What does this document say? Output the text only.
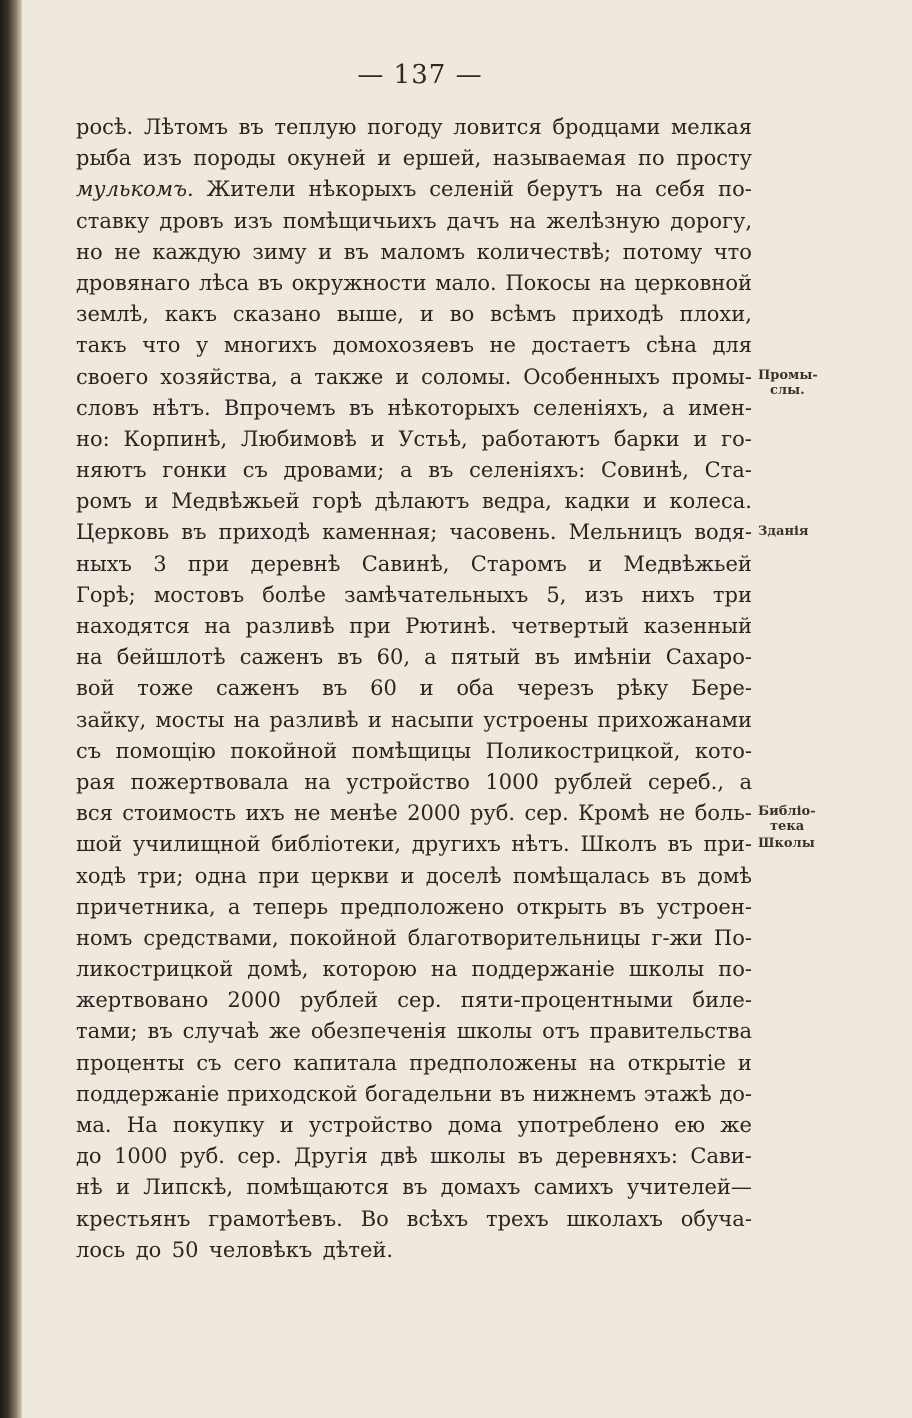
— 137 —
росѣ. Лѣтомъ въ теплую погоду ловится бродцами мелкая
рыба изъ породы окуней и ершей, называемая по просту
мулькомъ. Жители нѣкорыхъ селеній берутъ на себя по-
ставку дровъ изъ помѣщичьихъ дачъ на желѣзную дорогу,
но не каждую зиму и въ маломъ количествѣ; потому что
дровянаго лѣса въ окружности мало. Покосы на церковной
землѣ, какъ сказано выше, и во всѣмъ приходѣ плохи,
такъ что у многихъ домохозяевъ не достаетъ сѣна для
своего хозяйства, а также и соломы. Особенныхъ промы-
словъ нѣтъ. Впрочемъ въ нѣкоторыхъ селеніяхъ, а имен-
но: Корпинѣ, Любимовѣ и Устьѣ, работаютъ барки и го-
няютъ гонки съ дровами; а въ селеніяхъ: Совинѣ, Ста-
ромъ и Медвѣжьей горѣ дѣлаютъ ведра, кадки и колеса.
Церковь въ приходѣ каменная; часовень. Мельницъ водя-
ныхъ 3 при деревнѣ Савинѣ, Старомъ и Медвѣжьей
Горѣ; мостовъ болѣе замѣчательныхъ 5, изъ нихъ три
находятся на разливѣ при Рютинѣ. четвертый казенный
на бейшлотѣ саженъ въ 60, а пятый въ имѣніи Сахаро-
вой тоже саженъ въ 60 и оба черезъ рѣку Бере-
зайку, мосты на разливѣ и насыпи устроены прихожанами
съ помощію покойной помѣщицы Поликострицкой, кото-
рая пожертвовала на устройство 1000 рублей сереб., а
вся стоимость ихъ не менѣе 2000 руб. сер. Кромѣ не боль-
шой училищной библіотеки, другихъ нѣтъ. Школъ въ при-
ходѣ три; одна при церкви и доселѣ помѣщалась въ домѣ
причетника, а теперь предположено открыть въ устроен-
номъ средствами, покойной благотворительницы г-жи По-
ликострицкой домѣ, которою на поддержаніе школы по-
жертвовано 2000 рублей сер. пяти-процентными биле-
тами; въ случаѣ же обезпеченія школы отъ правительства
проценты съ сего капитала предположены на открытіе и
поддержаніе приходской богадельни въ нижнемъ этажѣ до-
ма. На покупку и устройство дома употреблено ею же
до 1000 руб. сер. Другія двѣ школы въ деревняхъ: Сави-
нѣ и Липскѣ, помѣщаются въ домахъ самихъ учителей—
крестьянъ грамотѣевъ. Во всѣхъ трехъ школахъ обуча-
лось до 50 человѣкъ дѣтей.
Промы-
слы.
Зданія
Библіо-
тека
Школы
